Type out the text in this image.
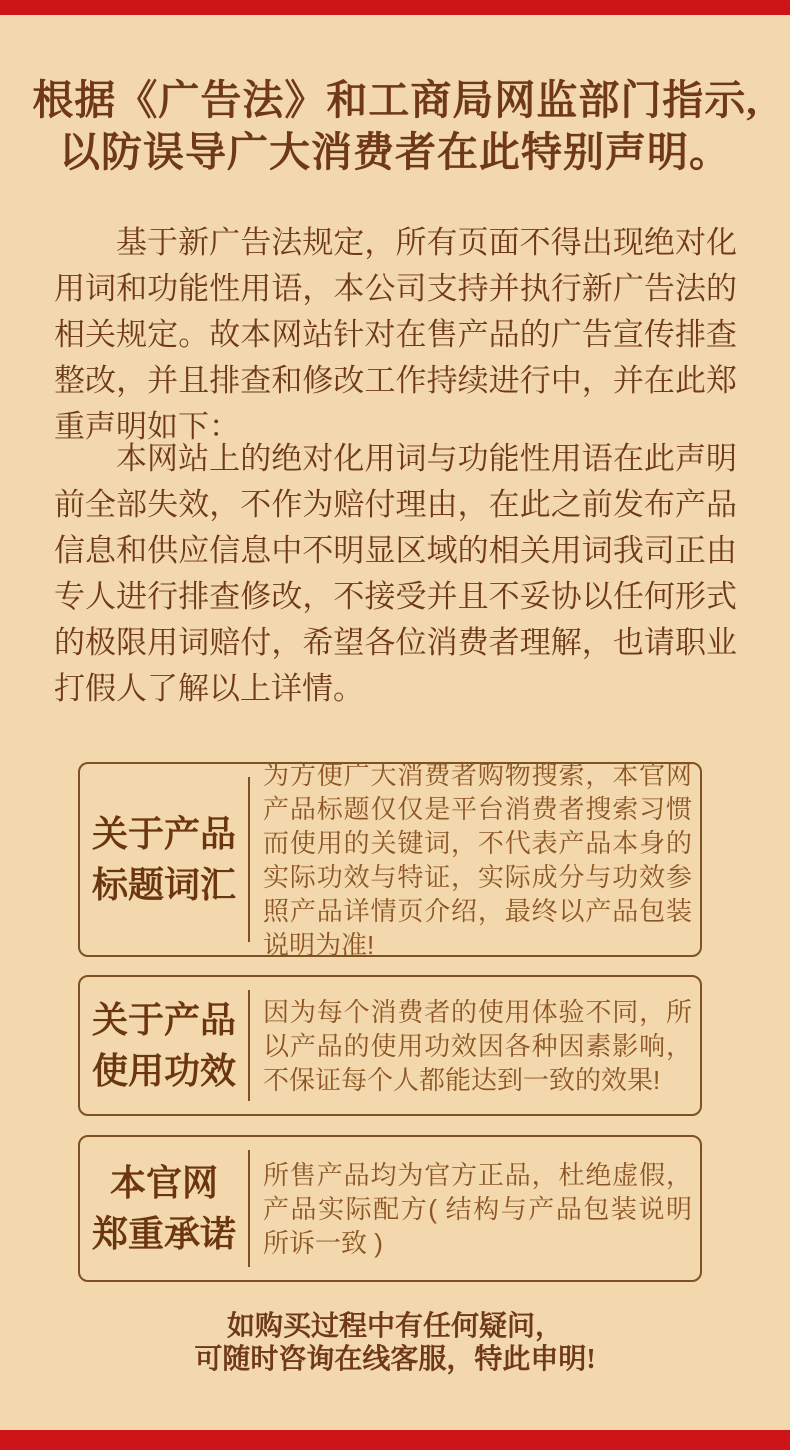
根据《广告法》和工商局网监部门指示,
以防误导广大消费者在此特别声明。

基于新广告法规定，所有页面不得出现绝对化用词和功能性用语，本公司支持并执行新广告法的相关规定。故本网站针对在售产品的广告宣传排查整改，并且排查和修改工作持续进行中，并在此郑重声明如下：

本网站上的绝对化用词与功能性用语在此声明前全部失效，不作为赔付理由，在此之前发布产品信息和供应信息中不明显区域的相关用词我司正由专人进行排查修改，不接受并且不妥协以任何形式的极限用词赔付，希望各位消费者理解，也请职业打假人了解以上详情。

关于产品
标题词汇
为方便广大消费者购物搜索，本官网产品标题仅仅是平台消费者搜索习惯而使用的关键词，不代表产品本身的实际功效与特证，实际成分与功效参照产品详情页介绍，最终以产品包装说明为准!
关于产品
使用功效
因为每个消费者的使用体验不同，所以产品的使用功效因各种因素影响，不保证每个人都能达到一致的效果!
本官网
郑重承诺
所售产品均为官方正品，杜绝虚假，产品实际配方( 结构与产品包装说明所诉一致 )
如购买过程中有任何疑问，
可随时咨询在线客服，特此申明!
